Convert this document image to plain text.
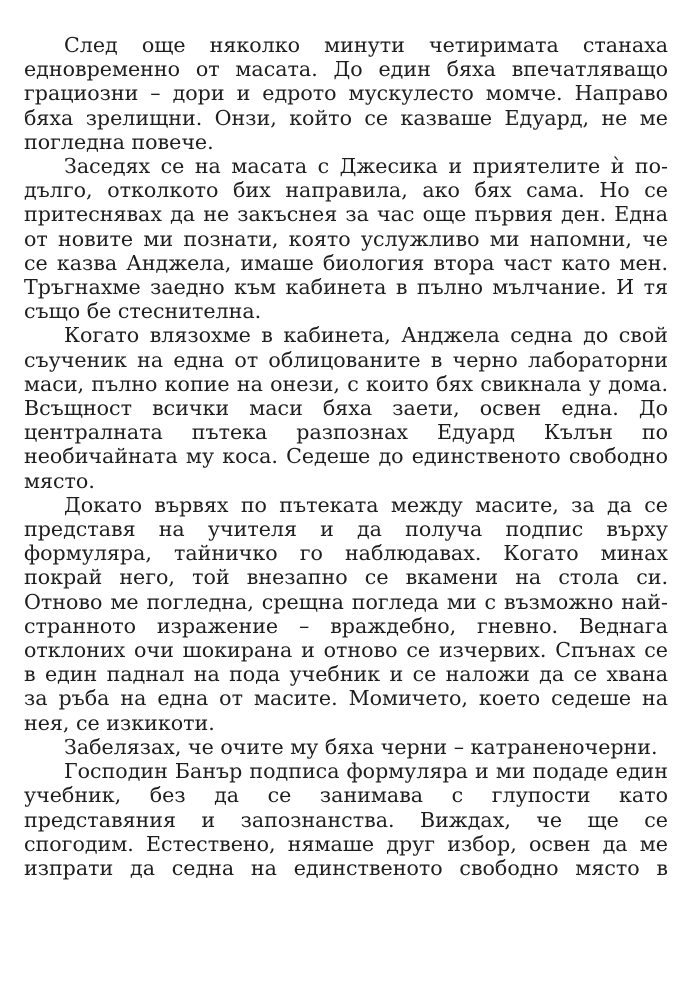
След още няколко минути четиримата станаха
едновременно от масата. До един бяха впечатляващо
грациозни – дори и едрото мускулесто момче. Направо
бяха зрелищни. Онзи, който се казваше Едуард, не ме
погледна повече.
Заседях се на масата с Джесика и приятелите ѝ по-
дълго, отколкото бих направила, ако бях сама. Но се
притеснявах да не закъснея за час още първия ден. Една
от новите ми познати, която услужливо ми напомни, че
се казва Анджела, имаше биология втора част като мен.
Тръгнахме заедно към кабинета в пълно мълчание. И тя
също бе стеснителна.
Когато влязохме в кабинета, Анджела седна до свой
съученик на една от облицованите в черно лабораторни
маси, пълно копие на онези, с които бях свикнала у дома.
Всъщност всички маси бяха заети, освен една. До
централната пътека разпознах Едуард Кълън по
необичайната му коса. Седеше до единственото свободно
място.
Докато вървях по пътеката между масите, за да се
представя на учителя и да получа подпис върху
формуляра, тайничко го наблюдавах. Когато минах
покрай него, той внезапно се вкамени на стола си.
Отново ме погледна, срещна погледа ми с възможно най-
странното изражение – враждебно, гневно. Веднага
отклоних очи шокирана и отново се изчервих. Спънах се
в един паднал на пода учебник и се наложи да се хвана
за ръба на една от масите. Момичето, което седеше на
нея, се изкикоти.
Забелязах, че очите му бяха черни – катраненочерни.
Господин Банър подписа формуляра и ми подаде един
учебник, без да се занимава с глупости като
представяния и запознанства. Виждах, че ще се
спогодим. Естествено, нямаше друг избор, освен да ме
изпрати да седна на единственото свободно място в
